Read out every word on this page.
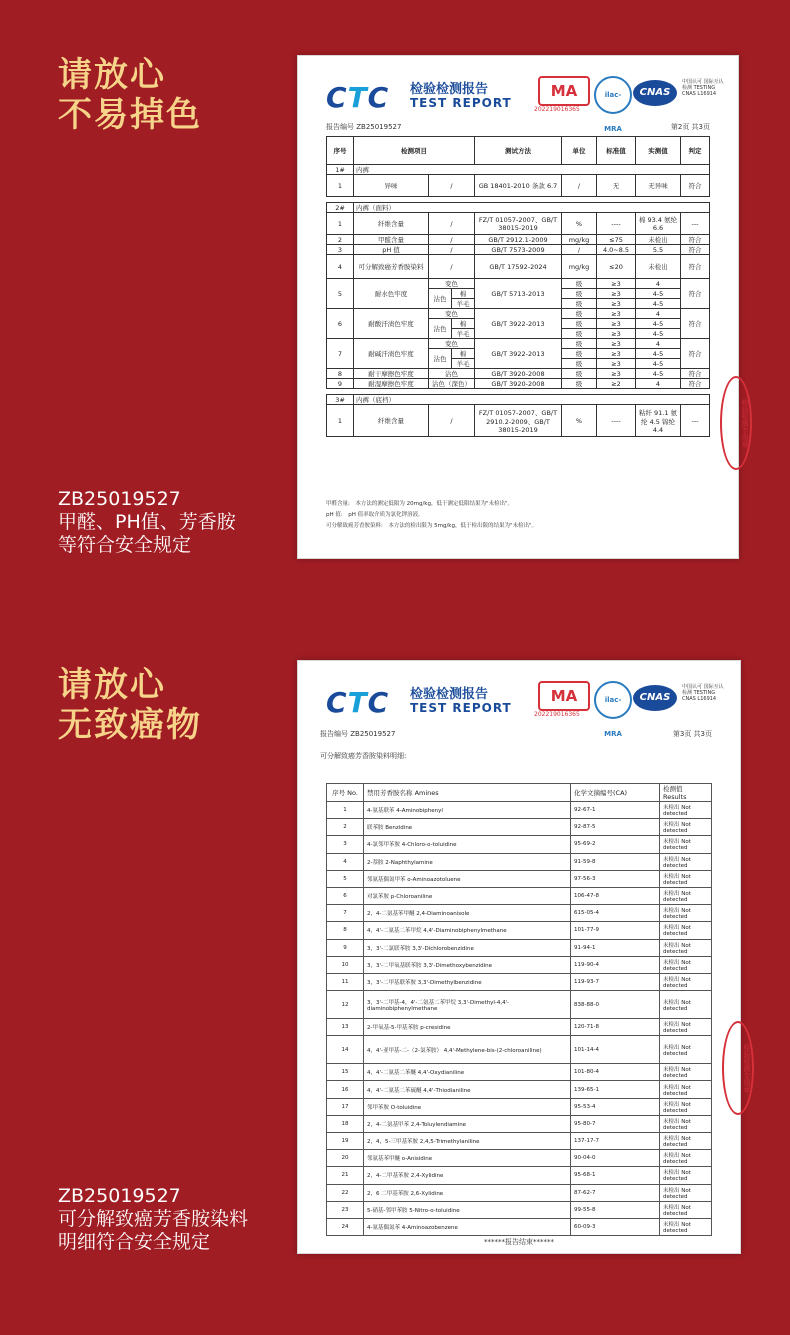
请放心
不易掉色
ZB25019527
甲醛、PH值、芳香胺
等符合安全规定
CTC 检验检测报告
TEST REPORT
MA
202219016365
ilac-MRA
CNAS
中国认可 国际互认 检测 TESTING CNAS L16914
报告编号 ZB25019527	第2页 共3页
序号	检测项目			测试方法	单位	标准值	实测值	判定
1#	内裤							
1	异味	/		GB 18401-2010 条款 6.7	/	无	无异味	符合

2#	内裤（面料）							
1	纤维含量	/		FZ/T 01057-2007、GB/T 38015-2019	%	----	棉 93.4 氨纶 6.6	---
2	甲醛含量	/		GB/T 2912.1-2009	mg/kg	≤75	未检出	符合
3	pH 值	/		GB/T 7573-2009	/	4.0~8.5	5.5	符合
4	可分解致癌芳香胺染料	/		GB/T 17592-2024	mg/kg	≤20	未检出	符合
5	耐水色牢度	变色		GB/T 5713-2013	级	≥3	4	符合
		沾色	棉		级	≥3	4-5	
			羊毛		级	≥3	4-5	
6	耐酸汗渍色牢度	变色		GB/T 3922-2013	级	≥3	4	符合
		沾色	棉		级	≥3	4-5	
			羊毛		级	≥3	4-5	
7	耐碱汗渍色牢度	变色		GB/T 3922-2013	级	≥3	4	符合
		沾色	棉		级	≥3	4-5	
			羊毛		级	≥3	4-5	
8	耐干摩擦色牢度	沾色		GB/T 3920-2008	级	≥3	4-5	符合
9	耐湿摩擦色牢度	沾色（深色）		GB/T 3920-2008	级	≥2	4	符合

3#	内裤（底档）							
1	纤维含量	/		FZ/T 01057-2007、GB/T 2910.2-2009、GB/T 38015-2019	%	----	粘纤 91.1 氨纶 4.5 锦纶 4.4	---
甲醛含量:　本方法的测定低限为 20mg/kg，低于测定低限结果为"未检出"。
pH 值:　pH 值率取介质为氯化钾溶液。
可分解致癌芳香胺染料:　本方法的检出限为 5mg/kg，低于检出限的结果为"未检出"。
检验检测专用章
请放心
无致癌物
ZB25019527
可分解致癌芳香胺染料
明细符合安全规定
CTC 检验检测报告
TEST REPORT
MA
202219016365
ilac-MRA
CNAS
中国认可 国际互认 检测 TESTING CNAS L16914
报告编号 ZB25019527	第3页 共3页
可分解致癌芳香胺染料明细:
序号 No.	禁用芳香胺名称 Amines	化学文摘编号(CA)	检测值 Results
1	4-氨基联苯 4-Aminobiphenyl	92-67-1	未检出 Not detected
2	联苯胺 Benzidine	92-87-5	未检出 Not detected
3	4-氯邻甲苯胺 4-Chloro-o-toluidine	95-69-2	未检出 Not detected
4	2-萘胺 2-Naphthylamine	91-59-8	未检出 Not detected
5	邻氨基偶氮甲苯 o-Aminoazotoluene	97-56-3	未检出 Not detected
6	对氯苯胺 p-Chloroaniline	106-47-8	未检出 Not detected
7	2，4-二氨基苯甲醚 2,4-Diaminoanisole	615-05-4	未检出 Not detected
8	4，4'-二氨基二苯甲烷 4,4'-Diaminobiphenylmethane	101-77-9	未检出 Not detected
9	3，3'-二氯联苯胺 3,3'-Dichlorobenzidine	91-94-1	未检出 Not detected
10	3，3'-二甲氧基联苯胺 3,3'-Dimethoxybenzidine	119-90-4	未检出 Not detected
11	3，3'-二甲基联苯胺 3,3'-Dimethylbenzidine	119-93-7	未检出 Not detected
12	3，3'-二甲基-4，4'-二氨基二苯甲烷 3,3'-Dimethyl-4,4'-diaminobiphenylmethane	838-88-0	未检出 Not detected
13	2-甲氧基-5-甲基苯胺 p-cresidine	120-71-8	未检出 Not detected
14	4，4'-亚甲基-二-（2-氯苯胺） 4,4'-Methylene-bis-(2-chloroaniline)	101-14-4	未检出 Not detected
15	4，4'-二氨基二苯醚 4,4'-Oxydianiline	101-80-4	未检出 Not detected
16	4，4'-二氨基二苯硫醚 4,4'-Thiodianiline	139-65-1	未检出 Not detected
17	邻甲苯胺 O-toluidine	95-53-4	未检出 Not detected
18	2，4-二氨基甲苯 2,4-Toluylendiamine	95-80-7	未检出 Not detected
19	2，4，5-三甲基苯胺 2,4,5-Trimethylaniline	137-17-7	未检出 Not detected
20	邻氨基苯甲醚 o-Anisidine	90-04-0	未检出 Not detected
21	2，4-二甲基苯胺 2,4-Xylidine	95-68-1	未检出 Not detected
22	2，6 二甲基苯胺 2,6-Xylidine	87-62-7	未检出 Not detected
23	5-硝基-邻甲苯胺 5-Nitro-o-toluidine	99-55-8	未检出 Not detected
24	4-氨基偶氮苯 4-Aminoazobenzene	60-09-3	未检出 Not detected
******报告结束******
检验检测专用章
